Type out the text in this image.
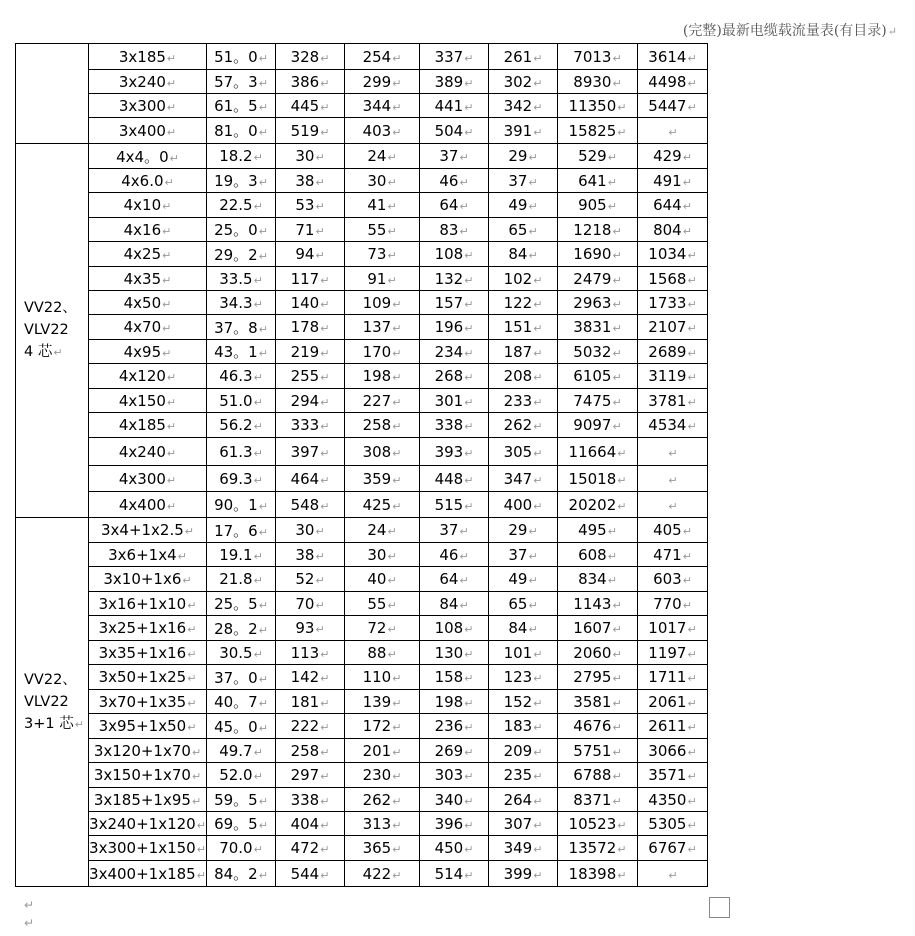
(完整)最新电缆载流量表(有目录)↵
	3x185↵	51。0↵	328↵	254↵	337↵	261↵	7013↵	3614↵
	3x240↵	57。3↵	386↵	299↵	389↵	302↵	8930↵	4498↵
	3x300↵	61。5↵	445↵	344↵	441↵	342↵	11350↵	5447↵
	3x400↵	81。0↵	519↵	403↵	504↵	391↵	15825↵	↵

VV22、
VLV22
4 芯↵	4x4。0↵	18.2↵	30↵	24↵	37↵	29↵	529↵	429↵
	4x6.0↵	19。3↵	38↵	30↵	46↵	37↵	641↵	491↵
	4x10↵	22.5↵	53↵	41↵	64↵	49↵	905↵	644↵
	4x16↵	25。0↵	71↵	55↵	83↵	65↵	1218↵	804↵
	4x25↵	29。2↵	94↵	73↵	108↵	84↵	1690↵	1034↵
	4x35↵	33.5↵	117↵	91↵	132↵	102↵	2479↵	1568↵
	4x50↵	34.3↵	140↵	109↵	157↵	122↵	2963↵	1733↵
	4x70↵	37。8↵	178↵	137↵	196↵	151↵	3831↵	2107↵
	4x95↵	43。1↵	219↵	170↵	234↵	187↵	5032↵	2689↵
	4x120↵	46.3↵	255↵	198↵	268↵	208↵	6105↵	3119↵
	4x150↵	51.0↵	294↵	227↵	301↵	233↵	7475↵	3781↵
	4x185↵	56.2↵	333↵	258↵	338↵	262↵	9097↵	4534↵
	4x240↵	61.3↵	397↵	308↵	393↵	305↵	11664↵	↵
	4x300↵	69.3↵	464↵	359↵	448↵	347↵	15018↵	↵
	4x400↵	90。1↵	548↵	425↵	515↵	400↵	20202↵	↵

VV22、
VLV22
3+1 芯↵	3x4+1x2.5↵	17。6↵	30↵	24↵	37↵	29↵	495↵	405↵
	3x6+1x4↵	19.1↵	38↵	30↵	46↵	37↵	608↵	471↵
	3x10+1x6↵	21.8↵	52↵	40↵	64↵	49↵	834↵	603↵
	3x16+1x10↵	25。5↵	70↵	55↵	84↵	65↵	1143↵	770↵
	3x25+1x16↵	28。2↵	93↵	72↵	108↵	84↵	1607↵	1017↵
	3x35+1x16↵	30.5↵	113↵	88↵	130↵	101↵	2060↵	1197↵
	3x50+1x25↵	37。0↵	142↵	110↵	158↵	123↵	2795↵	1711↵
	3x70+1x35↵	40。7↵	181↵	139↵	198↵	152↵	3581↵	2061↵
	3x95+1x50↵	45。0↵	222↵	172↵	236↵	183↵	4676↵	2611↵
	3x120+1x70↵	49.7↵	258↵	201↵	269↵	209↵	5751↵	3066↵
	3x150+1x70↵	52.0↵	297↵	230↵	303↵	235↵	6788↵	3571↵
	3x185+1x95↵	59。5↵	338↵	262↵	340↵	264↵	8371↵	4350↵
	3x240+1x120↵	69。5↵	404↵	313↵	396↵	307↵	10523↵	5305↵
	3x300+1x150↵	70.0↵	472↵	365↵	450↵	349↵	13572↵	6767↵
	3x400+1x185↵	84。2↵	544↵	422↵	514↵	399↵	18398↵	↵
↵
↵
